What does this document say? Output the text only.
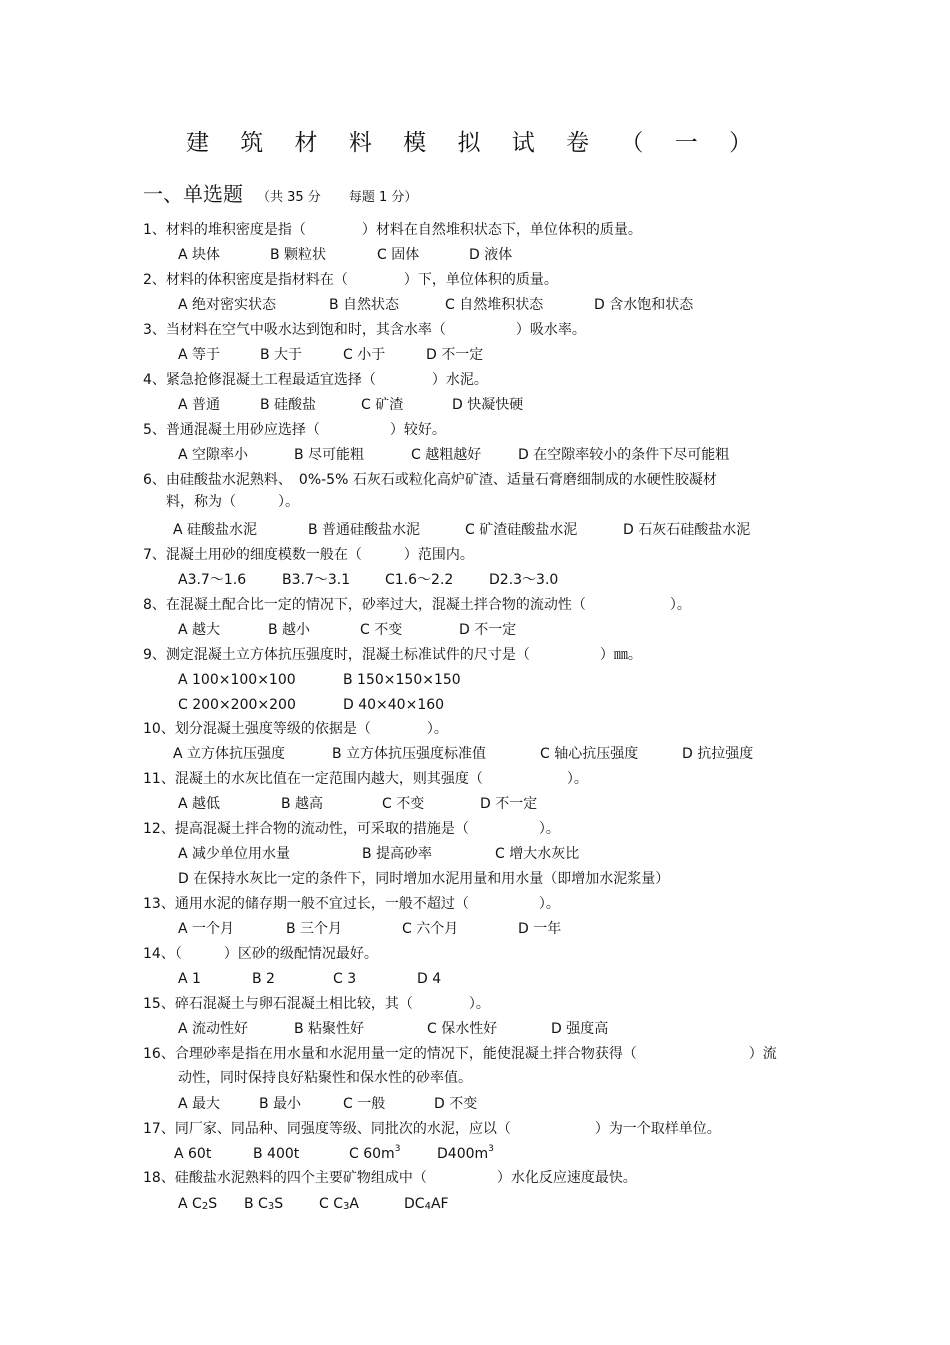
建 筑 材 料 模 拟 试 卷 （ 一 ）
一、单选题 （共 35 分 每题 1 分）
1、材料的堆积密度是指（　　　　）材料在自然堆积状态下，单位体积的质量。
A 块体	B 颗粒状	C 固体	D 液体
2、材料的体积密度是指材料在（　　　　）下，单位体积的质量。
A 绝对密实状态	B 自然状态	C 自然堆积状态	D 含水饱和状态
3、当材料在空气中吸水达到饱和时，其含水率（　　　　　）吸水率。
A 等于	B 大于	C 小于	D 不一定
4、紧急抢修混凝土工程最适宜选择（　　　　）水泥。
A 普通	B 硅酸盐	C 矿渣	D 快凝快硬
5、普通混凝土用砂应选择（　　　　　）较好。
A 空隙率小	B 尽可能粗	C 越粗越好	D 在空隙率较小的条件下尽可能粗
6、由硅酸盐水泥熟料、　0%-5% 石灰石或粒化高炉矿渣、适量石膏磨细制成的水硬性胶凝材
料，称为（　　　）。
A 硅酸盐水泥	B 普通硅酸盐水泥	C 矿渣硅酸盐水泥	D 石灰石硅酸盐水泥
7、混凝土用砂的细度模数一般在（　　　）范围内。
A3.7～1.6	B3.7～3.1 C1.6～2.2	D2.3～3.0
8、在混凝土配合比一定的情况下，砂率过大，混凝土拌合物的流动性（　　　　　　）。
A 越大	B 越小	C 不变	D 不一定
9、测定混凝土立方体抗压强度时，混凝土标准试件的尺寸是（　　　　　）㎜。
A 100×100×100	B 150×150×150
C 200×200×200	D 40×40×160
10、划分混凝土强度等级的依据是（　　　　）。
A 立方体抗压强度	B 立方体抗压强度标准值	C 轴心抗压强度	D 抗拉强度
11、混凝土的水灰比值在一定范围内越大，则其强度（　　　　　　）。
A 越低	B 越高	C 不变	D 不一定
12、提高混凝土拌合物的流动性，可采取的措施是（　　　　　）。
A 减少单位用水量	B 提高砂率	C 增大水灰比
D 在保持水灰比一定的条件下，同时增加水泥用量和用水量（即增加水泥浆量）
13、通用水泥的储存期一般不宜过长，一般不超过（　　　　　）。
A 一个月	B 三个月	C 六个月	D 一年
14、（　　　）区砂的级配情况最好。
A 1	B 2	C 3	D 4
15、碎石混凝土与卵石混凝土相比较，其（　　　　）。
A 流动性好	B 粘聚性好	C 保水性好	D 强度高
16、合理砂率是指在用水量和水泥用量一定的情况下，能使混凝土拌合物获得（　　　　　　　　）流
动性，同时保持良好粘聚性和保水性的砂率值。
A 最大	B 最小	C 一般	D 不变
17、同厂家、同品种、同强度等级、同批次的水泥，应以（　　　　　　）为一个取样单位。
A 60t	B 400t	C $60m^3$	$D400m^3$
18、硅酸盐水泥熟料的四个主要矿物组成中（　　　　　）水化反应速度最快。
A $C_2S$ B $C_3S$	C $C_3A$	$DC_4AF$
